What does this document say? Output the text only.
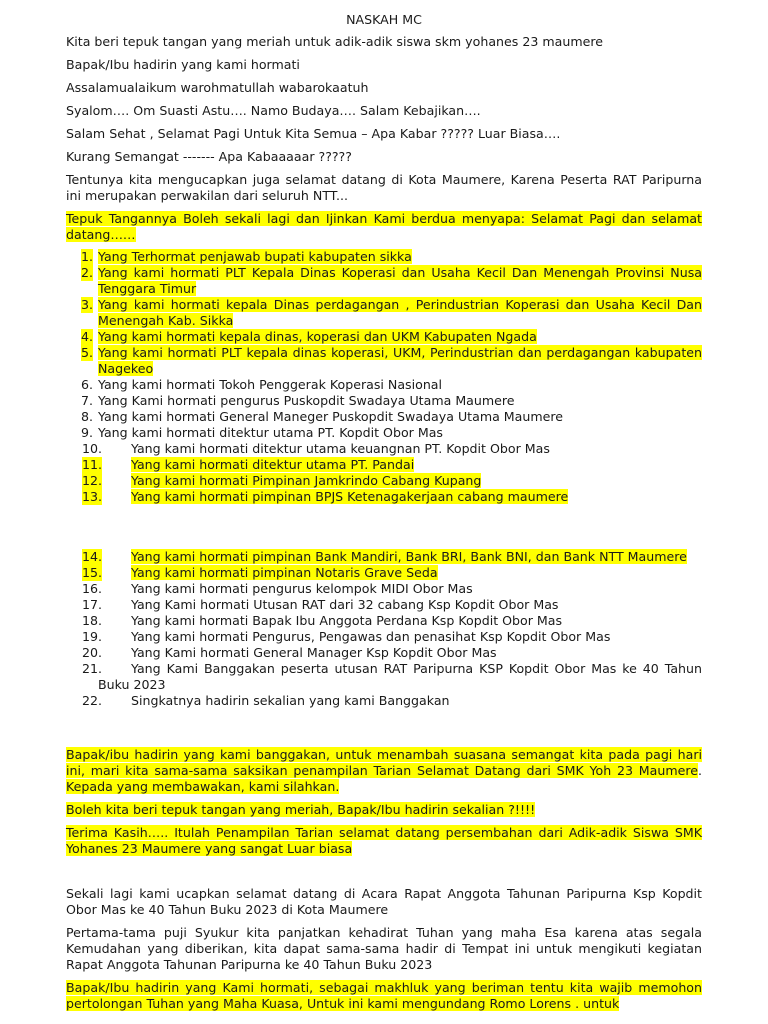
NASKAH MC

Kita beri tepuk tangan yang meriah untuk adik-adik siswa skm yohanes 23 maumere

Bapak/Ibu hadirin yang kami hormati

Assalamualaikum warohmatullah wabarokaatuh

Syalom…. Om Suasti Astu…. Namo Budaya…. Salam Kebajikan….

Salam Sehat , Selamat Pagi Untuk Kita Semua – Apa Kabar ????? Luar Biasa….

Kurang Semangat ------- Apa Kabaaaaar ?????

Tentunya kita mengucapkan juga selamat datang di Kota Maumere, Karena Peserta RAT Paripurna ini merupakan perwakilan dari seluruh NTT...

Tepuk Tangannya Boleh sekali lagi dan Ijinkan Kami berdua menyapa: Selamat Pagi dan selamat datang……

1. Yang Terhormat penjawab bupati kabupaten sikka
2. Yang kami hormati PLT Kepala Dinas Koperasi dan Usaha Kecil Dan Menengah Provinsi Nusa Tenggara Timur
3. Yang kami hormati kepala Dinas perdagangan , Perindustrian Koperasi dan Usaha Kecil Dan Menengah Kab. Sikka
4. Yang kami hormati kepala dinas, koperasi dan UKM Kabupaten Ngada
5. Yang kami hormati PLT kepala dinas koperasi, UKM, Perindustrian dan perdagangan kabupaten Nagekeo
6. Yang kami hormati Tokoh Penggerak Koperasi Nasional
7. Yang Kami hormati pengurus Puskopdit Swadaya Utama Maumere
8. Yang kami hormati General Maneger Puskopdit Swadaya Utama Maumere
9. Yang kami hormati ditektur utama PT. Kopdit Obor Mas
10. Yang kami hormati ditektur utama keuangnan PT. Kopdit Obor Mas
11. Yang kami hormati ditektur utama PT. Pandai
12. Yang kami hormati Pimpinan Jamkrindo Cabang Kupang
13. Yang kami hormati pimpinan BPJS Ketenagakerjaan cabang maumere
14. Yang kami hormati pimpinan Bank Mandiri, Bank BRI, Bank BNI, dan Bank NTT Maumere
15. Yang kami hormati pimpinan Notaris Grave Seda
16. Yang kami hormati pengurus kelompok MIDI Obor Mas
17. Yang Kami hormati Utusan RAT dari 32 cabang Ksp Kopdit Obor Mas
18. Yang kami hormati Bapak Ibu Anggota Perdana Ksp Kopdit Obor Mas
19. Yang kami hormati Pengurus, Pengawas dan penasihat Ksp Kopdit Obor Mas
20. Yang Kami hormati General Manager Ksp Kopdit Obor Mas
21. Yang Kami Banggakan peserta utusan RAT Paripurna KSP Kopdit Obor Mas ke 40 Tahun Buku 2023
22. Singkatnya hadirin sekalian yang kami Banggakan

Bapak/ibu hadirin yang kami banggakan, untuk menambah suasana semangat kita pada pagi hari ini, mari kita sama-sama saksikan penampilan Tarian Selamat Datang dari SMK Yoh 23 Maumere. Kepada yang membawakan, kami silahkan.

Boleh kita beri tepuk tangan yang meriah, Bapak/Ibu hadirin sekalian ?!!!!

Terima Kasih….. Itulah Penampilan Tarian selamat datang persembahan dari Adik-adik Siswa SMK Yohanes 23 Maumere yang sangat Luar biasa

Sekali lagi kami ucapkan selamat datang di Acara Rapat Anggota Tahunan Paripurna Ksp Kopdit Obor Mas ke 40 Tahun Buku 2023 di Kota Maumere

Pertama-tama puji Syukur kita panjatkan kehadirat Tuhan yang maha Esa karena atas segala Kemudahan yang diberikan, kita dapat sama-sama hadir di Tempat ini untuk mengikuti kegiatan Rapat Anggota Tahunan Paripurna ke 40 Tahun Buku 2023

Bapak/Ibu hadirin yang Kami hormati, sebagai makhluk yang beriman tentu kita wajib memohon pertolongan Tuhan yang Maha Kuasa, Untuk ini kami mengundang Romo Lorens . untuk
